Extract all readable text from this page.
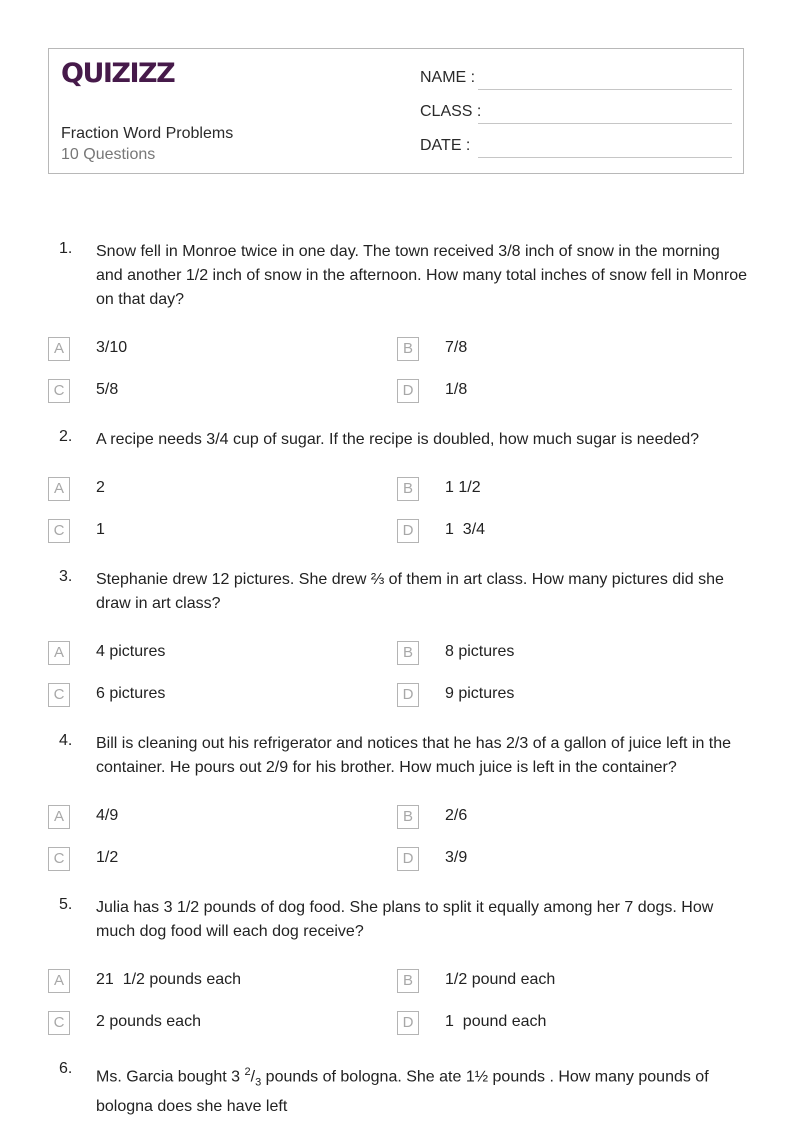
QUIZIZZ
Fraction Word Problems
10 Questions
NAME :
CLASS :
DATE :
1. Snow fell in Monroe twice in one day. The town received 3/8 inch of snow in the morning and another 1/2 inch of snow in the afternoon. How many total inches of snow fell in Monroe on that day?
A	3/10	B	7/8
C	5/8	D	1/8
2. A recipe needs 3/4 cup of sugar. If the recipe is doubled, how much sugar is needed?
A	2	B	1 1/2
C	1	D	1  3/4
3. Stephanie drew 12 pictures. She drew ⅔ of them in art class. How many pictures did she draw in art class?
A	4 pictures	B	8 pictures
C	6 pictures	D	9 pictures
4. Bill is cleaning out his refrigerator and notices that he has 2/3 of a gallon of juice left in the container. He pours out 2/9 for his brother. How much juice is left in the container?
A	4/9	B	2/6
C	1/2	D	3/9
5. Julia has 3 1/2 pounds of dog food. She plans to split it equally among her 7 dogs. How much dog food will each dog receive?
A	21  1/2 pounds each	B	1/2 pound each
C	2 pounds each	D	1  pound each
6. Ms. Garcia bought 3 $^2/_3$ pounds of bologna. She ate 1½ pounds . How many pounds of bologna does she have left
